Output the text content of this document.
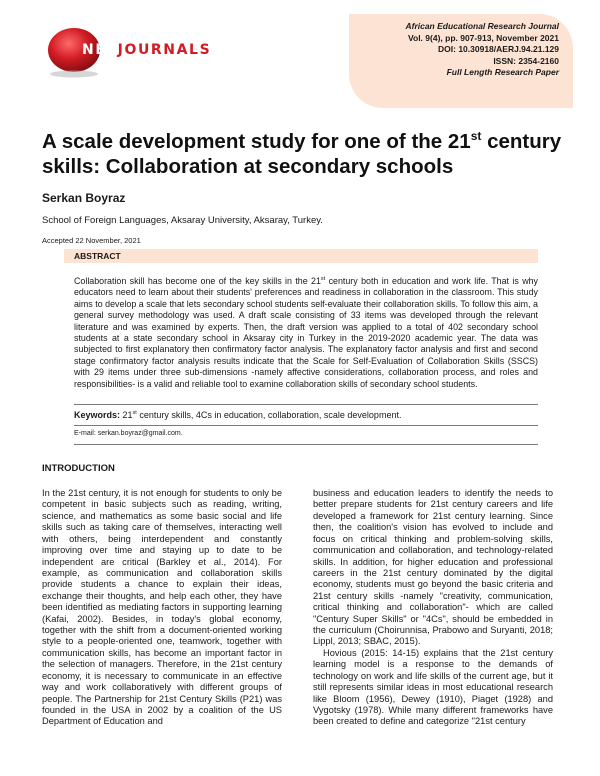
NETJOURNALS
African Educational Research Journal
Vol. 9(4), pp. 907-913, November 2021
DOI: 10.30918/AERJ.94.21.129
ISSN: 2354-2160
Full Length Research Paper
A scale development study for one of the 21st century skills: Collaboration at secondary schools

Serkan Boyraz

School of Foreign Languages, Aksaray University, Aksaray, Turkey.

Accepted 22 November, 2021

ABSTRACT

Collaboration skill has become one of the key skills in the 21st century both in education and work life. That is why educators need to learn about their students' preferences and readiness in collaboration in the classroom. This study aims to develop a scale that lets secondary school students self-evaluate their collaboration skills. To follow this aim, a general survey methodology was used. A draft scale consisting of 33 items was developed through the relevant literature and was examined by experts. Then, the draft version was applied to a total of 402 secondary school students at a state secondary school in Aksaray city in Turkey in the 2019-2020 academic year. The data was subjected to first explanatory then confirmatory factor analysis. The explanatory factor analysis and first and second stage confirmatory factor analysis results indicate that the Scale for Self-Evaluation of Collaboration Skills (SSCS) with 29 items under three sub-dimensions -namely affective considerations, collaboration process, and roles and responsibilities- is a valid and reliable tool to examine collaboration skills of secondary school students.

Keywords: 21st century skills, 4Cs in education, collaboration, scale development.

E-mail: serkan.boyraz@gmail.com.

INTRODUCTION

In the 21st century, it is not enough for students to only be competent in basic subjects such as reading, writing, science, and mathematics as some basic social and life skills such as taking care of themselves, interacting well with others, being interdependent and constantly improving over time and staying up to date to be independent are critical (Barkley et al., 2014). For example, as communication and collaboration skills provide students a chance to explain their ideas, exchange their thoughts, and help each other, they have been identified as mediating factors in supporting learning (Kafai, 2002). Besides, in today's global economy, together with the shift from a document-oriented working style to a people-oriented one, teamwork, together with communication skills, has become an important factor in the selection of managers. Therefore, in the 21st century economy, it is necessary to communicate in an effective way and work collaboratively with different groups of people. The Partnership for 21st Century Skills (P21) was founded in the USA in 2002 by a coalition of the US Department of Education and

business and education leaders to identify the needs to better prepare students for 21st century careers and life developed a framework for 21st century learning. Since then, the coalition's vision has evolved to include and focus on critical thinking and problem-solving skills, communication and collaboration, and technology-related skills. In addition, for higher education and professional careers in the 21st century dominated by the digital economy, students must go beyond the basic criteria and 21st century skills -namely "creativity, communication, critical thinking and collaboration"- which are called "Century Super Skills" or "4Cs", should be embedded in the curriculum (Choirunnisa, Prabowo and Suryanti, 2018; Lippl, 2013; SBAC, 2015).

Hovious (2015: 14-15) explains that the 21st century learning model is a response to the demands of technology on work and life skills of the current age, but it still represents similar ideas in most educational research like Bloom (1956), Dewey (1910), Piaget (1928) and Vygotsky (1978). While many different frameworks have been created to define and categorize "21st century
